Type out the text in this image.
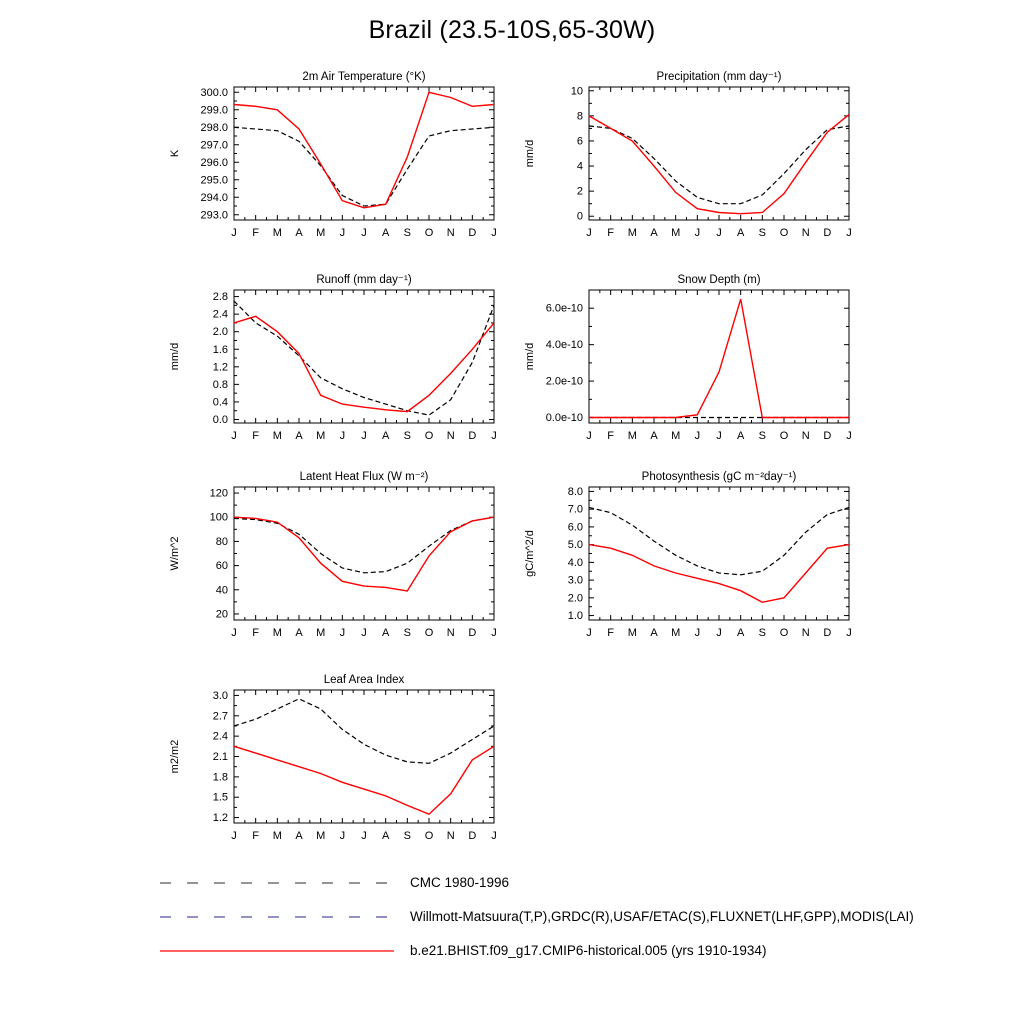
Brazil (23.5-10S,65-30W)
J F M A M J J A S O N D J
293.0
294.0
295.0
296.0
297.0
298.0
299.0
300.0
2m Air Temperature (°K)
K
J F M A M J J A S O N D J
0
2
4
6
8
10
Precipitation (mm day⁻¹)
mm/d
J F M A M J J A S O N D J
0.0
0.4
0.8
1.2
1.6
2.0
2.4
2.8
Runoff (mm day⁻¹)
mm/d
J F M A M J J A S O N D J
0.0e-10
2.0e-10
4.0e-10
6.0e-10
Snow Depth (m)
mm/d
J F M A M J J A S O N D J
20
40
60
80
100
120
Latent Heat Flux (W m⁻²)
W/m^2
J F M A M J J A S O N D J
1.0
2.0
3.0
4.0
5.0
6.0
7.0
8.0
Photosynthesis (gC m⁻²day⁻¹)
gC/m^2/d
J F M A M J J A S O N D J
1.2
1.5
1.8
2.1
2.4
2.7
3.0
Leaf Area Index
m2/m2
CMC 1980-1996
Willmott-Matsuura(T,P),GRDC(R),USAF/ETAC(S),FLUXNET(LHF,GPP),MODIS(LAI)
b.e21.BHIST.f09_g17.CMIP6-historical.005 (yrs 1910-1934)
